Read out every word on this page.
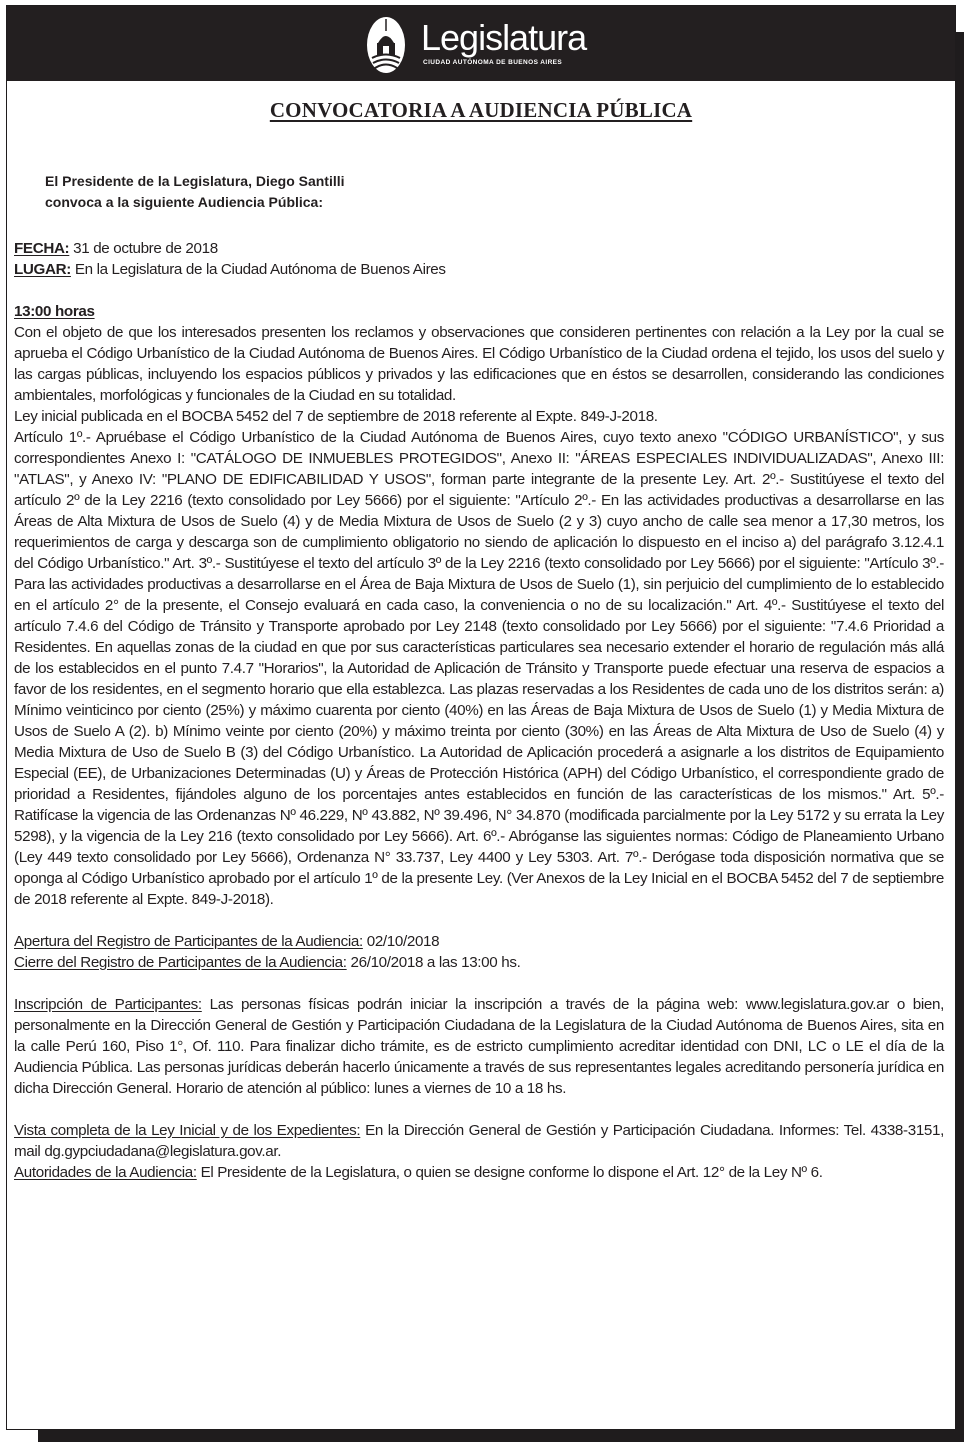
Legislatura
CIUDAD AUTÓNOMA DE BUENOS AIRES
CONVOCATORIA A AUDIENCIA PÚBLICA
El Presidente de la Legislatura, Diego Santilli
convoca a la siguiente Audiencia Pública:
FECHA: 31 de octubre de 2018
LUGAR: En la Legislatura de la Ciudad Autónoma de Buenos Aires
13:00 horas

Con el objeto de que los interesados presenten los reclamos y observaciones que consideren pertinentes con relación a la Ley por la cual se aprueba el Código Urbanístico de la Ciudad Autónoma de Buenos Aires. El Código Urbanístico de la Ciudad ordena el tejido, los usos del suelo y las cargas públicas, incluyendo los espacios públicos y privados y las edificaciones que en éstos se desarrollen, considerando las condiciones ambientales, morfológicas y funcionales de la Ciudad en su totalidad.

Ley inicial publicada en el BOCBA 5452 del 7 de septiembre de 2018 referente al Expte. 849-J-2018.

Artículo 1º.- Apruébase el Código Urbanístico de la Ciudad Autónoma de Buenos Aires, cuyo texto anexo "CÓDIGO URBANÍSTICO", y sus correspondientes Anexo I: "CATÁLOGO DE INMUEBLES PROTEGIDOS", Anexo II: "ÁREAS ESPECIALES INDIVIDUALIZADAS", Anexo III: "ATLAS", y Anexo IV: "PLANO DE EDIFICABILIDAD Y USOS", forman parte integrante de la presente Ley. Art. 2º.- Sustitúyese el texto del artículo 2º de la Ley 2216 (texto consolidado por Ley 5666) por el siguiente: "Artículo 2º.- En las actividades productivas a desarrollarse en las Áreas de Alta Mixtura de Usos de Suelo (4) y de Media Mixtura de Usos de Suelo (2 y 3) cuyo ancho de calle sea menor a 17,30 metros, los requerimientos de carga y descarga son de cumplimiento obligatorio no siendo de aplicación lo dispuesto en el inciso a) del parágrafo 3.12.4.1 del Código Urbanístico." Art. 3º.- Sustitúyese el texto del artículo 3º de la Ley 2216 (texto consolidado por Ley 5666) por el siguiente: "Artículo 3º.- Para las actividades productivas a desarrollarse en el Área de Baja Mixtura de Usos de Suelo (1), sin perjuicio del cumplimiento de lo establecido en el artículo 2° de la presente, el Consejo evaluará en cada caso, la conveniencia o no de su localización." Art. 4º.- Sustitúyese el texto del artículo 7.4.6 del Código de Tránsito y Transporte aprobado por Ley 2148 (texto consolidado por Ley 5666) por el siguiente: "7.4.6 Prioridad a Residentes. En aquellas zonas de la ciudad en que por sus características particulares sea necesario extender el horario de regulación más allá de los establecidos en el punto 7.4.7 "Horarios", la Autoridad de Aplicación de Tránsito y Transporte puede efectuar una reserva de espacios a favor de los residentes, en el segmento horario que ella establezca. Las plazas reservadas a los Residentes de cada uno de los distritos serán: a) Mínimo veinticinco por ciento (25%) y máximo cuarenta por ciento (40%) en las Áreas de Baja Mixtura de Usos de Suelo (1) y Media Mixtura de Usos de Suelo A (2). b) Mínimo veinte por ciento (20%) y máximo treinta por ciento (30%) en las Áreas de Alta Mixtura de Uso de Suelo (4) y Media Mixtura de Uso de Suelo B (3) del Código Urbanístico. La Autoridad de Aplicación procederá a asignarle a los distritos de Equipamiento Especial (EE), de Urbanizaciones Determinadas (U) y Áreas de Protección Histórica (APH) del Código Urbanístico, el correspondiente grado de prioridad a Residentes, fijándoles alguno de los porcentajes antes establecidos en función de las características de los mismos." Art. 5º.- Ratifícase la vigencia de las Ordenanzas Nº 46.229, Nº 43.882, Nº 39.496, N° 34.870 (modificada parcialmente por la Ley 5172 y su errata la Ley 5298), y la vigencia de la Ley 216 (texto consolidado por Ley 5666). Art. 6º.- Abróganse las siguientes normas: Código de Planeamiento Urbano (Ley 449 texto consolidado por Ley 5666), Ordenanza N° 33.737, Ley 4400 y Ley 5303. Art. 7º.- Derógase toda disposición normativa que se oponga al Código Urbanístico aprobado por el artículo 1º de la presente Ley. (Ver Anexos de la Ley Inicial en el BOCBA 5452 del 7 de septiembre de 2018 referente al Expte. 849-J-2018).

Apertura del Registro de Participantes de la Audiencia: 02/10/2018
Cierre del Registro de Participantes de la Audiencia: 26/10/2018 a las 13:00 hs.

Inscripción de Participantes: Las personas físicas podrán iniciar la inscripción a través de la página web: www.legislatura.gov.ar o bien, personalmente en la Dirección General de Gestión y Participación Ciudadana de la Legislatura de la Ciudad Autónoma de Buenos Aires, sita en la calle Perú 160, Piso 1°, Of. 110. Para finalizar dicho trámite, es de estricto cumplimiento acreditar identidad con DNI, LC o LE el día de la Audiencia Pública. Las personas jurídicas deberán hacerlo únicamente a través de sus representantes legales acreditando personería jurídica en dicha Dirección General. Horario de atención al público: lunes a viernes de 10 a 18 hs.

Vista completa de la Ley Inicial y de los Expedientes: En la Dirección General de Gestión y Participación Ciudadana. Informes: Tel. 4338-3151, mail dg.gypciudadana@legislatura.gov.ar.

Autoridades de la Audiencia: El Presidente de la Legislatura, o quien se designe conforme lo dispone el Art. 12° de la Ley Nº 6.
